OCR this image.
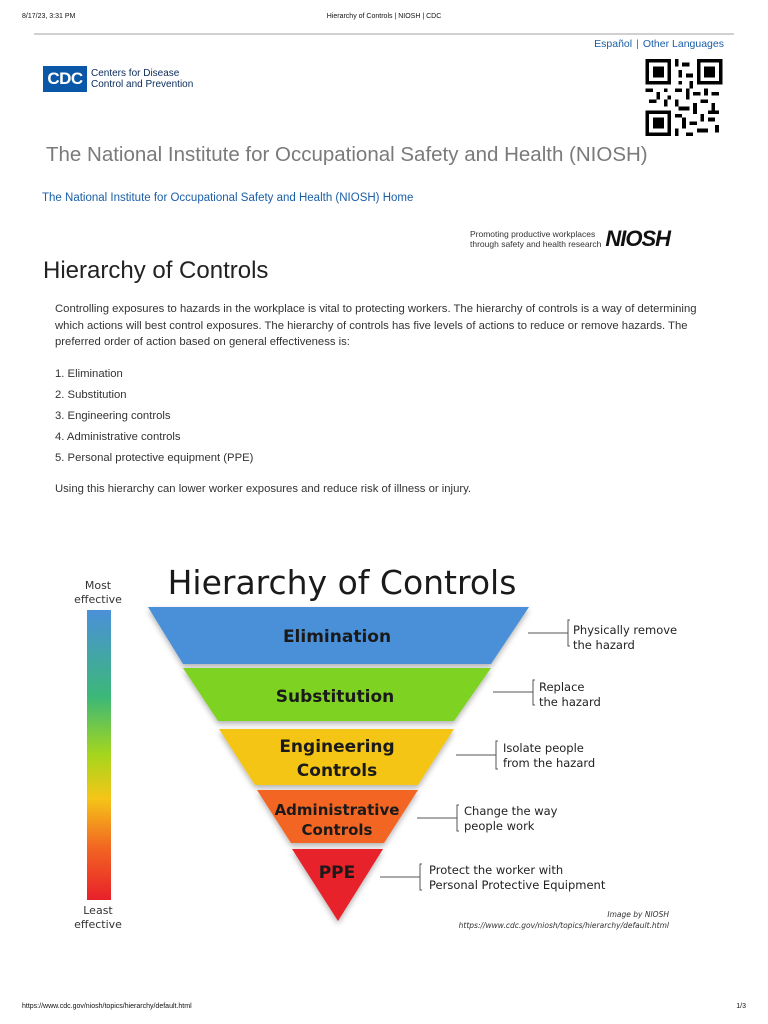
8/17/23, 3:31 PM	Hierarchy of Controls | NIOSH | CDC
Español | Other Languages
CDC Centers for Disease
Control and Prevention
The National Institute for Occupational Safety and Health (NIOSH)
The National Institute for Occupational Safety and Health (NIOSH) Home
Promoting productive workplaces
through safety and health research NIOSH
Hierarchy of Controls
Controlling exposures to hazards in the workplace is vital to protecting workers. The hierarchy of controls is a way of determining which actions will best control exposures. The hierarchy of controls has five levels of actions to reduce or remove hazards. The preferred order of action based on general effectiveness is:
1. Elimination
2. Substitution
3. Engineering controls
4. Administrative controls
5. Personal protective equipment (PPE)
Using this hierarchy can lower worker exposures and reduce risk of illness or injury.
Most
effective
Least
effective
Hierarchy of Controls
Elimination	Physically remove
the hazard
Substitution	Replace
the hazard
Engineering
Controls
Isolate people
from the hazard
Administrative
Controls
Change the way
people work
PPE	Protect the worker with
Personal Protective Equipment
Image by NIOSH
https://www.cdc.gov/niosh/topics/hierarchy/default.html
https://www.cdc.gov/niosh/topics/hierarchy/default.html	1/3
